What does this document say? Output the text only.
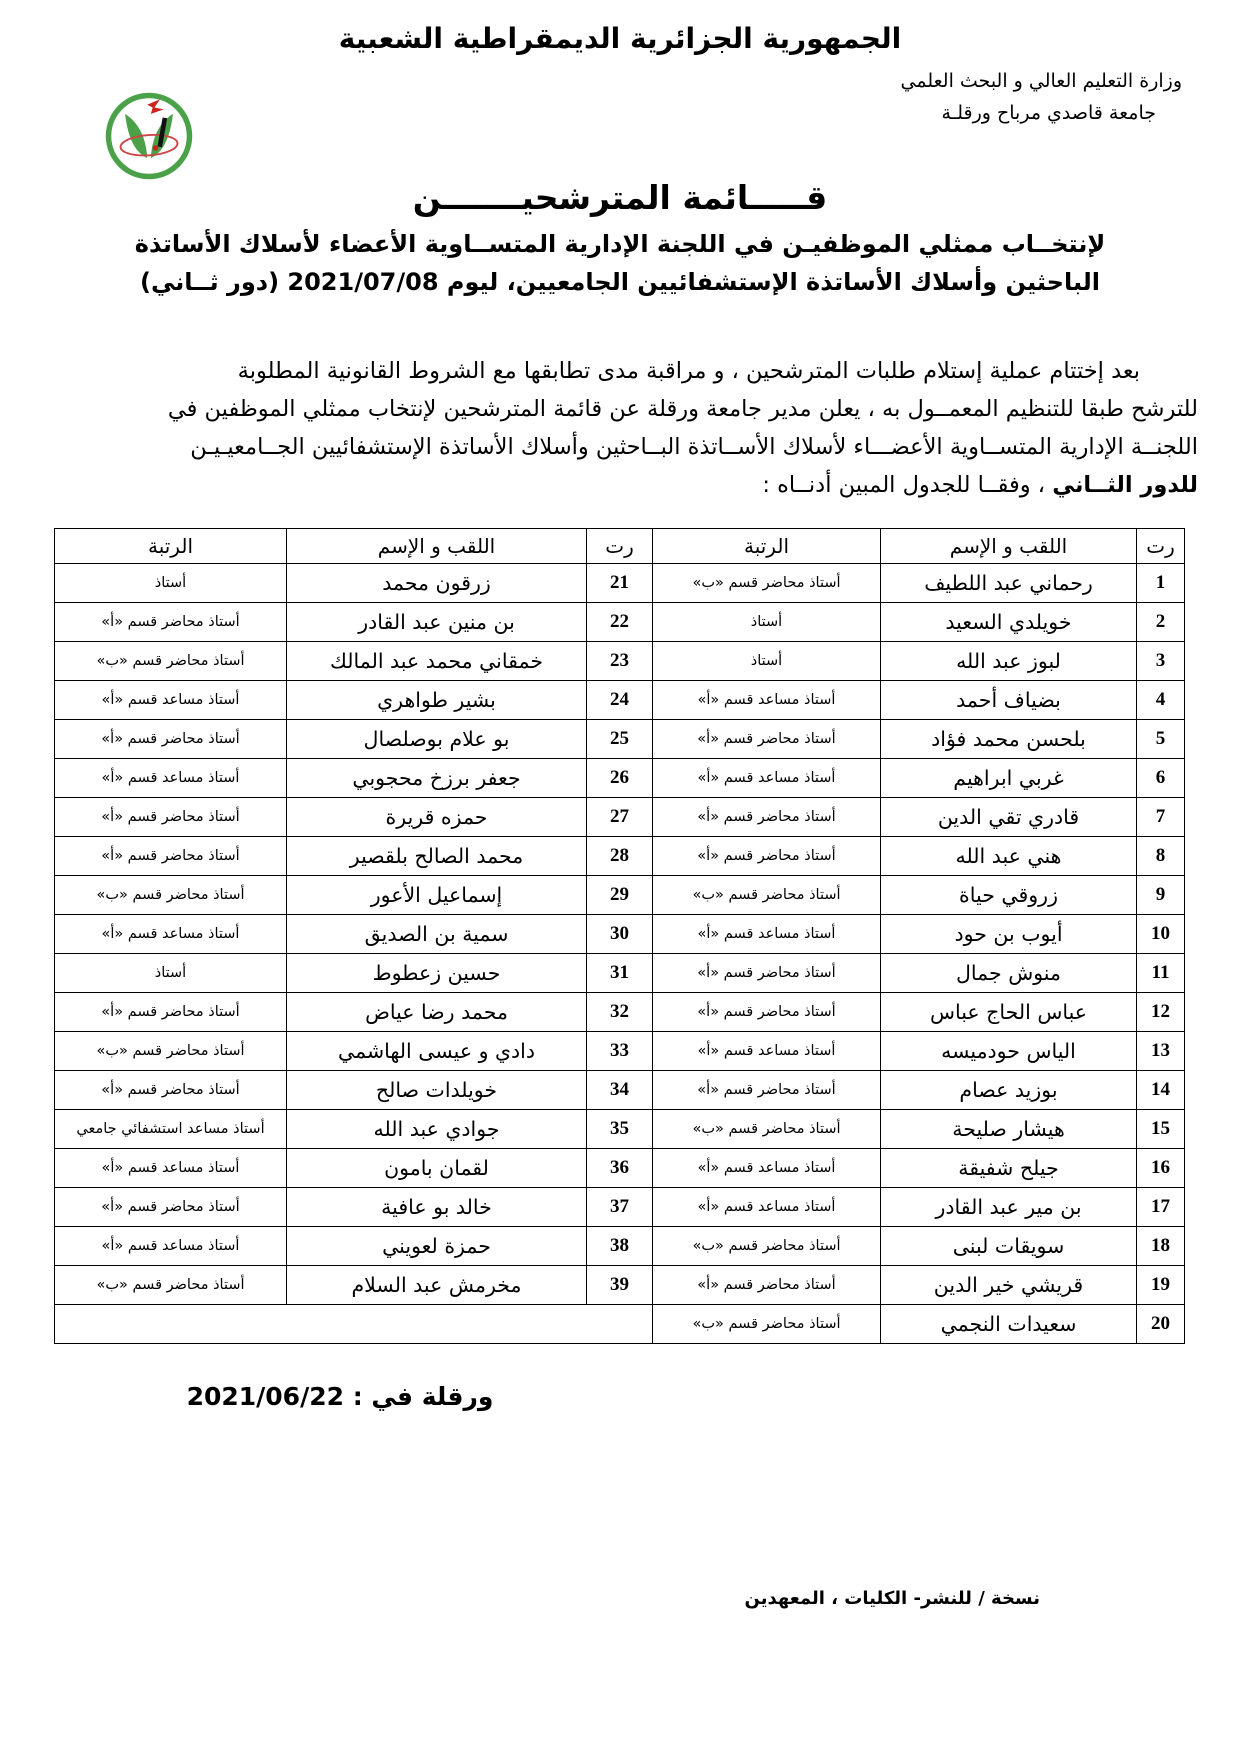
الجمهورية الجزائرية الديمقراطية الشعبية
وزارة التعليم العالي و البحث العلمي
جامعة قاصدي مرباح ورقلـة
قـــــائمة المترشحيـــــــن
لإنتخــاب ممثلي الموظفيـن في اللجنة الإدارية المتســاوية الأعضاء لأسلاك الأساتذة
الباحثين وأسلاك الأساتذة الإستشفائيين الجامعيين، ليوم 2021/07/08 (دور ثــاني)
بعد إختتام عملية إستلام طلبات المترشحين ، و مراقبة مدى تطابقها مع الشروط القانونية المطلوبة
للترشح طبقا للتنظيم المعمــول به ، يعلن مدير جامعة ورقلة عن قائمة المترشحين لإنتخاب ممثلي الموظفين في
اللجنــة الإدارية المتســاوية الأعضـــاء لأسلاك الأســاتذة البــاحثين وأسلاك الأساتذة الإستشفائيين الجــامعيـيـن
للدور الثــاني ، وفقــا للجدول المبين أدنــاه :
رت	اللقب و الإسم	الرتبة	رت	اللقب و الإسم	الرتبة
1	رحماني عبد اللطيف	أستاذ محاضر قسم «ب»	21	زرقون محمد	أستاذ
2	خويلدي السعيد	أستاذ	22	بن منين عبد القادر	أستاذ محاضر قسم «أ»
3	لبوز عبد الله	أستاذ	23	خمقاني محمد عبد المالك	أستاذ محاضر قسم «ب»
4	بضياف أحمد	أستاذ مساعد قسم «أ»	24	بشير طواهري	أستاذ مساعد قسم «أ»
5	بلحسن محمد فؤاد	أستاذ محاضر قسم «أ»	25	بو علام بوصلصال	أستاذ محاضر قسم «أ»
6	غربي ابراهيم	أستاذ مساعد قسم «أ»	26	جعفر برزخ محجوبي	أستاذ مساعد قسم «أ»
7	قادري تقي الدين	أستاذ محاضر قسم «أ»	27	حمزه قريرة	أستاذ محاضر قسم «أ»
8	هني عبد الله	أستاذ محاضر قسم «أ»	28	محمد الصالح بلقصير	أستاذ محاضر قسم «أ»
9	زروقي حياة	أستاذ محاضر قسم «ب»	29	إسماعيل الأعور	أستاذ محاضر قسم «ب»
10	أيوب بن حود	أستاذ مساعد قسم «أ»	30	سمية بن الصديق	أستاذ مساعد قسم «أ»
11	منوش جمال	أستاذ محاضر قسم «أ»	31	حسين زعطوط	أستاذ
12	عباس الحاج عباس	أستاذ محاضر قسم «أ»	32	محمد رضا عياض	أستاذ محاضر قسم «أ»
13	الياس حودميسه	أستاذ مساعد قسم «أ»	33	دادي و عيسى الهاشمي	أستاذ محاضر قسم «ب»
14	بوزيد عصام	أستاذ محاضر قسم «أ»	34	خويلدات صالح	أستاذ محاضر قسم «أ»
15	هيشار صليحة	أستاذ محاضر قسم «ب»	35	جوادي عبد الله	أستاذ مساعد استشفائي جامعي
16	جيلح شفيقة	أستاذ مساعد قسم «أ»	36	لقمان بامون	أستاذ مساعد قسم «أ»
17	بن مير عبد القادر	أستاذ مساعد قسم «أ»	37	خالد بو عافية	أستاذ محاضر قسم «أ»
18	سويقات لبنى	أستاذ محاضر قسم «ب»	38	حمزة لعويني	أستاذ مساعد قسم «أ»
19	قريشي خير الدين	أستاذ محاضر قسم «أ»	39	مخرمش عبد السلام	أستاذ محاضر قسم «ب»
20	سعيدات النجمي	أستاذ محاضر قسم «ب»			
ورقلة في : 2021/06/22
نسخة / للنشر- الكليات ، المعهدين
